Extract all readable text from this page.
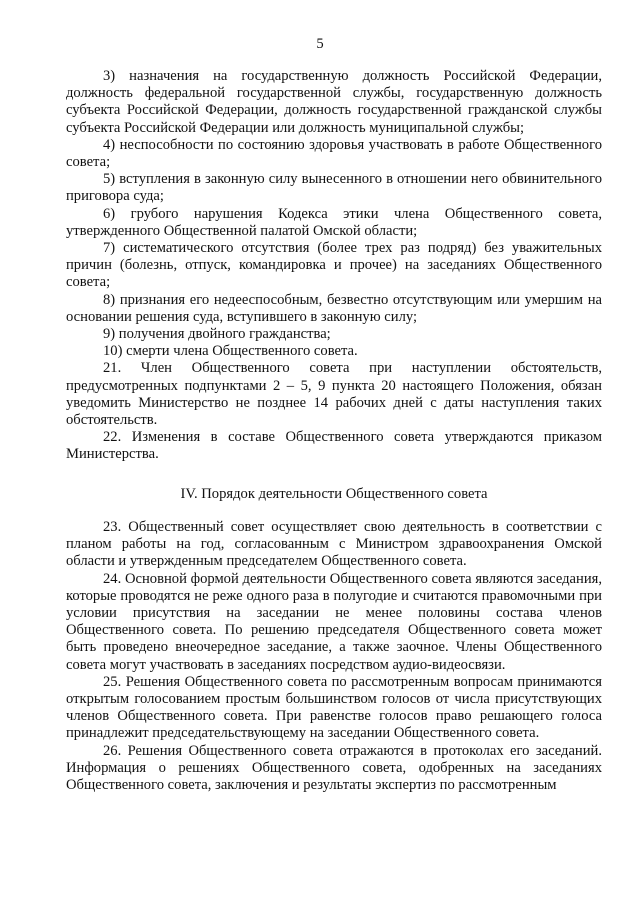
5

3) назначения на государственную должность Российской Федерации, должность федеральной государственной службы, государственную должность субъекта Российской Федерации, должность государственной гражданской службы субъекта Российской Федерации или должность муниципальной службы;

4) неспособности по состоянию здоровья участвовать в работе Общественного совета;

5) вступления в законную силу вынесенного в отношении него обвинительного приговора суда;

6) грубого нарушения Кодекса этики члена Общественного совета, утвержденного Общественной палатой Омской области;

7) систематического отсутствия (более трех раз подряд) без уважительных причин (болезнь, отпуск, командировка и прочее) на заседаниях Общественного совета;

8) признания его недееспособным, безвестно отсутствующим или умершим на основании решения суда, вступившего в законную силу;

9) получения двойного гражданства;

10) смерти члена Общественного совета.

21. Член Общественного совета при наступлении обстоятельств, предусмотренных подпунктами 2 – 5, 9 пункта 20 настоящего Положения, обязан уведомить Министерство не позднее 14 рабочих дней с даты наступления таких обстоятельств.

22. Изменения в составе Общественного совета утверждаются приказом Министерства.

IV. Порядок деятельности Общественного совета

23. Общественный совет осуществляет свою деятельность в соответствии с планом работы на год, согласованным с Министром здравоохранения Омской области и утвержденным председателем Общественного совета.

24. Основной формой деятельности Общественного совета являются заседания, которые проводятся не реже одного раза в полугодие и считаются правомочными при условии присутствия на заседании не менее половины состава членов Общественного совета. По решению председателя Общественного совета может быть проведено внеочередное заседание, а также заочное. Члены Общественного совета могут участвовать в заседаниях посредством аудио-видеосвязи.

25. Решения Общественного совета по рассмотренным вопросам принимаются открытым голосованием простым большинством голосов от числа присутствующих членов Общественного совета. При равенстве голосов право решающего голоса принадлежит председательствующему на заседании Общественного совета.

26. Решения Общественного совета отражаются в протоколах его заседаний. Информация о решениях Общественного совета, одобренных на заседаниях Общественного совета, заключения и результаты экспертиз по рассмотренным
